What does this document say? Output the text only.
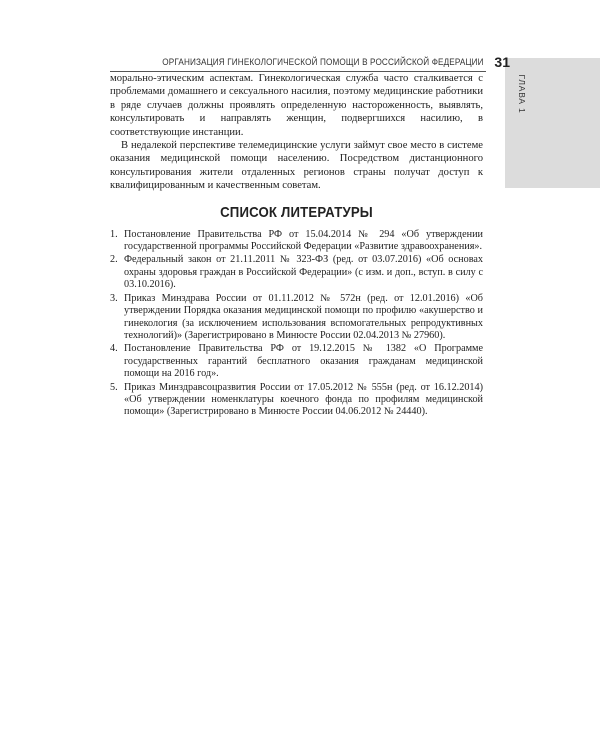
ГЛАВА 1
ОРГАНИЗАЦИЯ ГИНЕКОЛОГИЧЕСКОЙ ПОМОЩИ В РОССИЙСКОЙ ФЕДЕРАЦИИ 31

морально-этическим аспектам. Гинекологическая служба часто сталкивается с проблемами домашнего и сексуального насилия, поэтому медицинские работники в ряде случаев должны проявлять определенную настороженность, выявлять, консультировать и направлять женщин, подвергшихся насилию, в соответствующие инстанции.

В недалекой перспективе телемедицинские услуги займут свое место в системе оказания медицинской помощи населению. Посредством дистанционного консультирования жители отдаленных регионов страны получат доступ к квалифицированным и качественным советам.

СПИСОК ЛИТЕРАТУРЫ
1. Постановление Правительства РФ от 15.04.2014 № 294 «Об утверждении государственной программы Российской Федерации «Развитие здравоохранения».
2. Федеральный закон от 21.11.2011 № 323-ФЗ (ред. от 03.07.2016) «Об основах охраны здоровья граждан в Российской Федерации» (с изм. и доп., вступ. в силу с 03.10.2016).
3. Приказ Минздрава России от 01.11.2012 № 572н (ред. от 12.01.2016) «Об утверждении Порядка оказания медицинской помощи по профилю «акушерство и гинекология (за исключением использования вспомогательных репродуктивных технологий)» (Зарегистрировано в Минюсте России 02.04.2013 № 27960).
4. Постановление Правительства РФ от 19.12.2015 № 1382 «О Программе государственных гарантий бесплатного оказания гражданам медицинской помощи на 2016 год».
5. Приказ Минздравсоцразвития России от 17.05.2012 № 555н (ред. от 16.12.2014) «Об утверждении номенклатуры коечного фонда по профилям медицинской помощи» (Зарегистрировано в Минюсте России 04.06.2012 № 24440).
